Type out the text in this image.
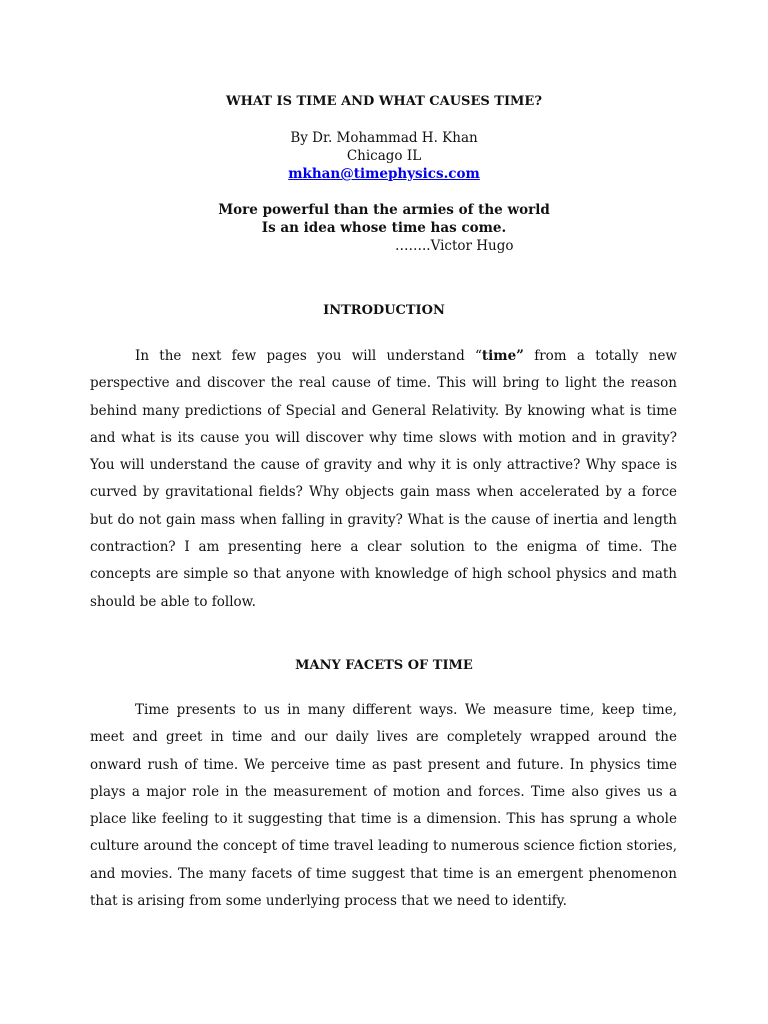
WHAT IS TIME AND WHAT CAUSES TIME?
By Dr. Mohammad H. Khan
Chicago IL
mkhan@timephysics.com
More powerful than the armies of the world
Is an idea whose time has come.
……..Victor Hugo
INTRODUCTION

In the next few pages you will understand “time” from a totally new perspective and discover the real cause of time. This will bring to light the reason behind many predictions of Special and General Relativity. By knowing what is time and what is its cause you will discover why time slows with motion and in gravity? You will understand the cause of gravity and why it is only attractive? Why space is curved by gravitational fields? Why objects gain mass when accelerated by a force but do not gain mass when falling in gravity? What is the cause of inertia and length contraction? I am presenting here a clear solution to the enigma of time. The concepts are simple so that anyone with knowledge of high school physics and math should be able to follow.

MANY FACETS OF TIME

Time presents to us in many different ways. We measure time, keep time, meet and greet in time and our daily lives are completely wrapped around the onward rush of time. We perceive time as past present and future. In physics time plays a major role in the measurement of motion and forces. Time also gives us a place like feeling to it suggesting that time is a dimension. This has sprung a whole culture around the concept of time travel leading to numerous science fiction stories, and movies. The many facets of time suggest that time is an emergent phenomenon that is arising from some underlying process that we need to identify.
